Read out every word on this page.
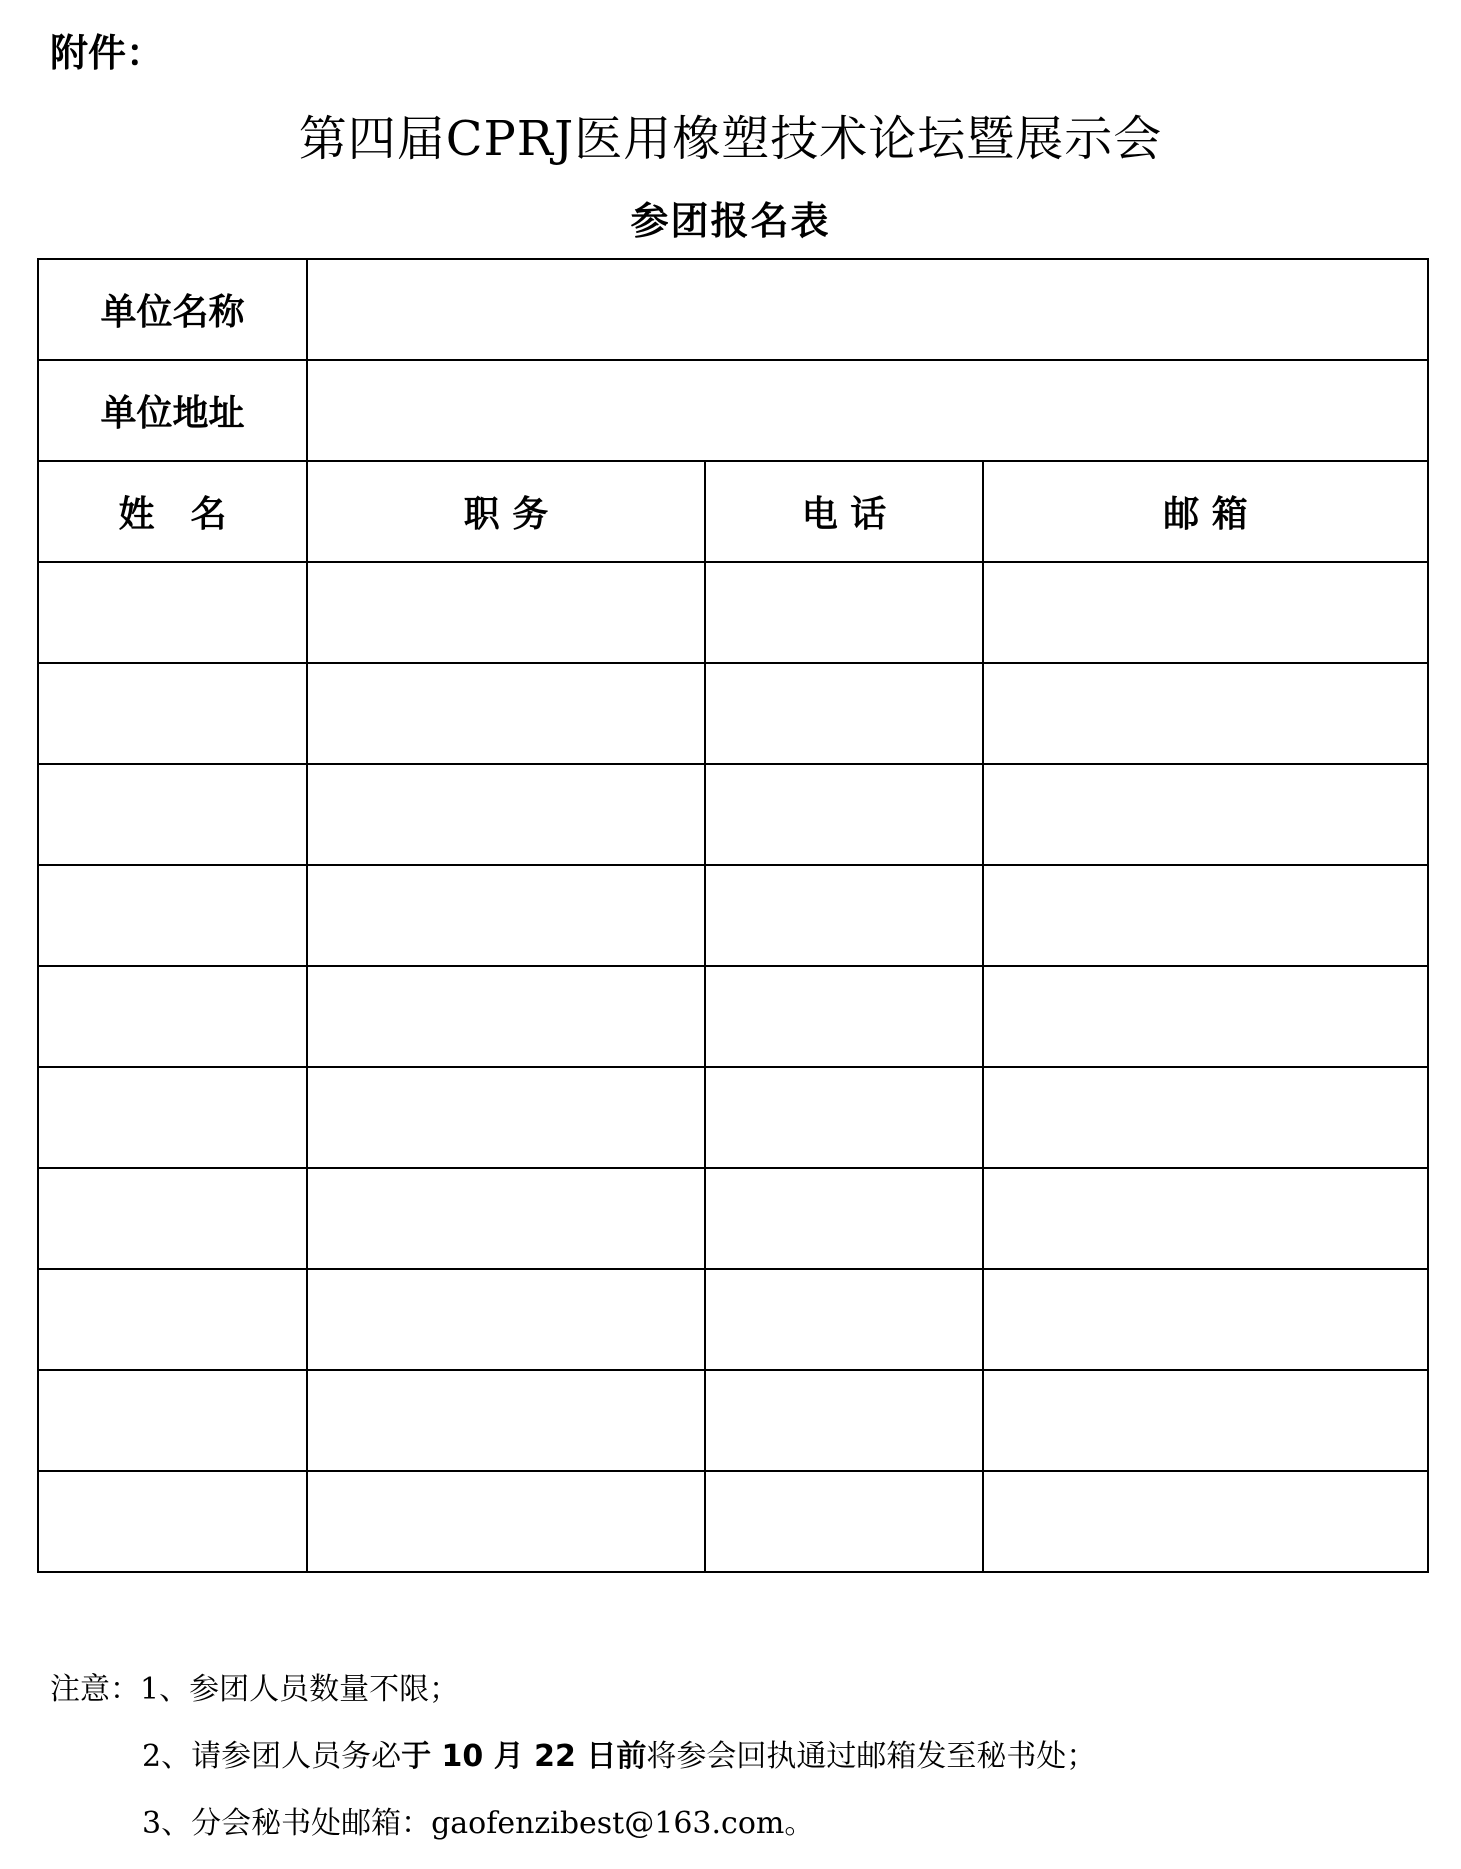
附件：
第四届CPRJ医用橡塑技术论坛暨展示会
参团报名表
单位名称			
单位地址			
姓　名	职 务	电 话	邮 箱

注意：1、参团人员数量不限；
2、请参团人员务必于 10 月 22 日前将参会回执通过邮箱发至秘书处；
3、分会秘书处邮箱：gaofenzibest@163.com。
